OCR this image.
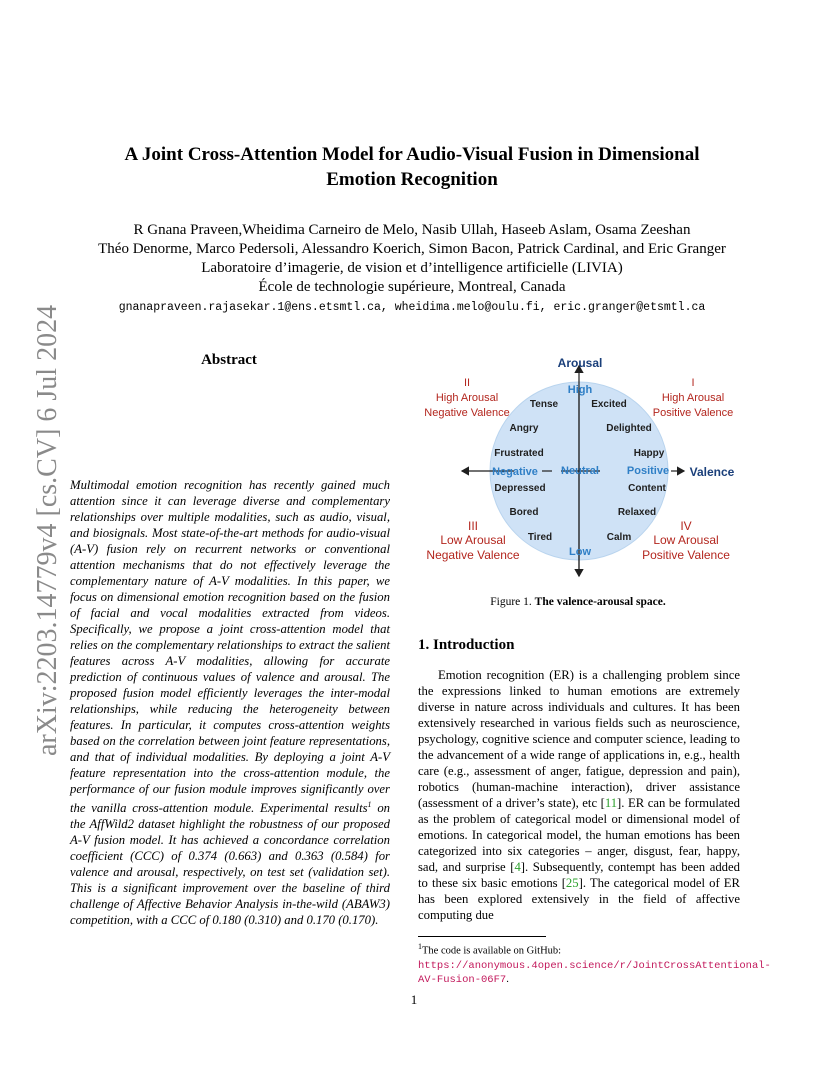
arXiv:2203.14779v4 [cs.CV] 6 Jul 2024
A Joint Cross-Attention Model for Audio-Visual Fusion in Dimensional
Emotion Recognition
R Gnana Praveen,Wheidima Carneiro de Melo, Nasib Ullah, Haseeb Aslam, Osama Zeeshan
Théo Denorme, Marco Pedersoli, Alessandro Koerich, Simon Bacon, Patrick Cardinal, and Eric Granger
Laboratoire d’imagerie, de vision et d’intelligence artificielle (LIVIA)
École de technologie supérieure, Montreal, Canada
gnanapraveen.rajasekar.1@ens.etsmtl.ca, wheidima.melo@oulu.fi, eric.granger@etsmtl.ca
Abstract
Multimodal emotion recognition has recently gained much attention since it can leverage diverse and complementary relationships over multiple modalities, such as audio, visual, and biosignals. Most state-of-the-art methods for audio-visual (A-V) fusion rely on recurrent networks or conventional attention mechanisms that do not effectively leverage the complementary nature of A-V modalities. In this paper, we focus on dimensional emotion recognition based on the fusion of facial and vocal modalities extracted from videos. Specifically, we propose a joint cross-attention model that relies on the complementary relationships to extract the salient features across A-V modalities, allowing for accurate prediction of continuous values of valence and arousal. The proposed fusion model efficiently leverages the inter-modal relationships, while reducing the heterogeneity between features. In particular, it computes cross-attention weights based on the correlation between joint feature representations, and that of individual modalities. By deploying a joint A-V feature representation into the cross-attention module, the performance of our fusion module improves significantly over the vanilla cross-attention module. Experimental results$^1$ on the AffWild2 dataset highlight the robustness of our proposed A-V fusion model. It has achieved a concordance correlation coefficient (CCC) of 0.374 (0.663) and 0.363 (0.584) for valence and arousal, respectively, on test set (validation set). This is a significant improvement over the baseline of third challenge of Affective Behavior Analysis in-the-wild (ABAW3) competition, with a CCC of 0.180 (0.310) and 0.170 (0.170).
Arousal
Valence
High
Low
Negative Neutral	Positive
Tense	Excited
Angry	Delighted
Frustrated	Happy
Depressed	Content
Bored	Relaxed
Tired	Calm
II
High Arousal
Negative Valence
I
High Arousal
Positive Valence
III
Low Arousal
Negative Valence
IV
Low Arousal
Positive Valence
Figure 1. The valence-arousal space.
1. Introduction
Emotion recognition (ER) is a challenging problem since the expressions linked to human emotions are extremely diverse in nature across individuals and cultures. It has been extensively researched in various fields such as neuroscience, psychology, cognitive science and computer science, leading to the advancement of a wide range of applications in, e.g., health care (e.g., assessment of anger, fatigue, depression and pain), robotics (human-machine interaction), driver assistance (assessment of a driver’s state), etc [11]. ER can be formulated as the problem of categorical model or dimensional model of emotions. In categorical model, the human emotions has been categorized into six categories – anger, disgust, fear, happy, sad, and surprise [4]. Subsequently, contempt has been added to these six basic emotions [25]. The categorical model of ER has been explored extensively in the field of affective computing due
$^1$The code is available on GitHub: https://anonymous.4open.science/r/JointCrossAttentional-AV-Fusion-06F7.
1
